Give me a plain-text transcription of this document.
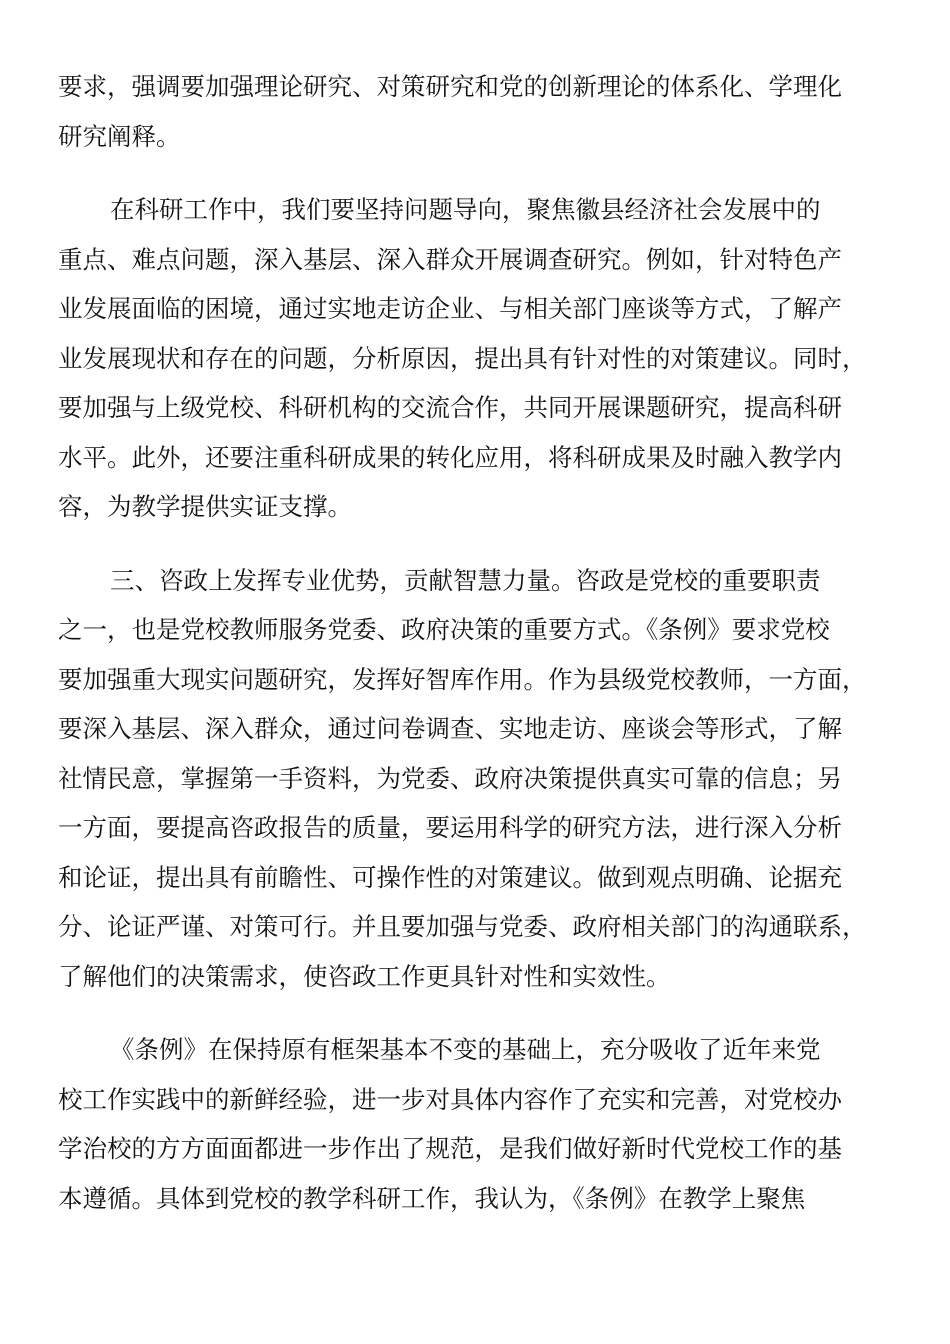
要求，强调要加强理论研究、对策研究和党的创新理论的体系化、学理化
研究阐释。
在科研工作中，我们要坚持问题导向，聚焦徽县经济社会发展中的
重点、难点问题，深入基层、深入群众开展调查研究。例如，针对特色产
业发展面临的困境，通过实地走访企业、与相关部门座谈等方式，了解产
业发展现状和存在的问题，分析原因，提出具有针对性的对策建议。同时，
要加强与上级党校、科研机构的交流合作，共同开展课题研究，提高科研
水平。此外，还要注重科研成果的转化应用，将科研成果及时融入教学内
容，为教学提供实证支撑。
三、咨政上发挥专业优势，贡献智慧力量。咨政是党校的重要职责
之一，也是党校教师服务党委、政府决策的重要方式。《条例》要求党校
要加强重大现实问题研究，发挥好智库作用。作为县级党校教师，一方面，
要深入基层、深入群众，通过问卷调查、实地走访、座谈会等形式，了解
社情民意，掌握第一手资料，为党委、政府决策提供真实可靠的信息；另
一方面，要提高咨政报告的质量，要运用科学的研究方法，进行深入分析
和论证，提出具有前瞻性、可操作性的对策建议。做到观点明确、论据充
分、论证严谨、对策可行。并且要加强与党委、政府相关部门的沟通联系，
了解他们的决策需求，使咨政工作更具针对性和实效性。
《条例》在保持原有框架基本不变的基础上，充分吸收了近年来党
校工作实践中的新鲜经验，进一步对具体内容作了充实和完善，对党校办
学治校的方方面面都进一步作出了规范，是我们做好新时代党校工作的基
本遵循。具体到党校的教学科研工作，我认为，《条例》在教学上聚焦
